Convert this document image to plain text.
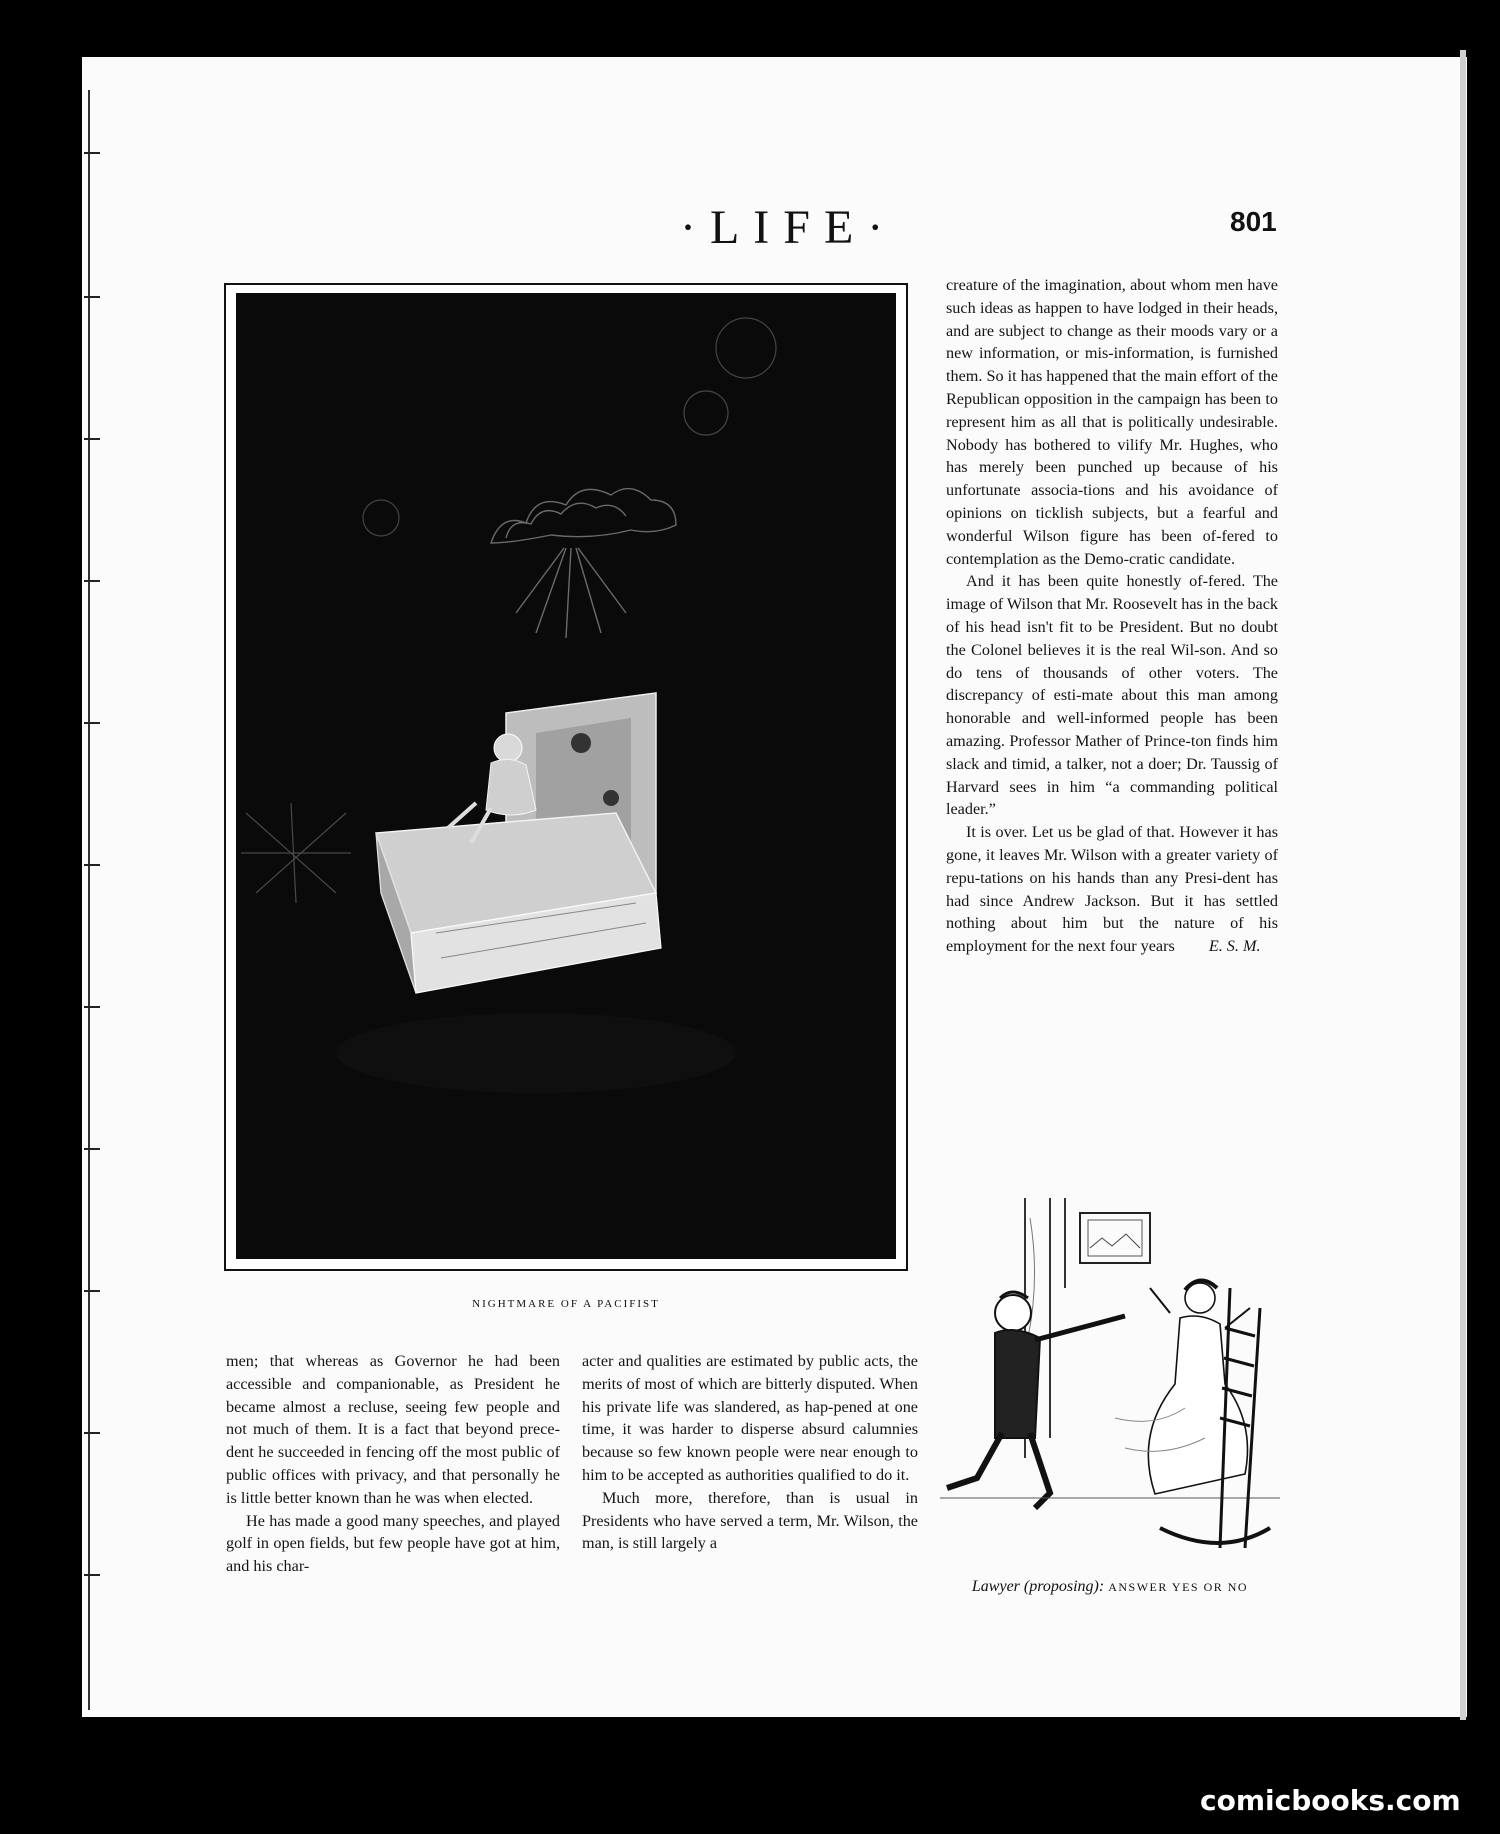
·LIFE·	801
NIGHTMARE OF A PACIFIST

creature of the imagination, about whom men have such ideas as happen to have lodged in their heads, and are subject to change as their moods vary or a new information, or mis-information, is furnished them. So it has happened that the main effort of the Republican opposition in the campaign has been to represent him as all that is politically undesirable. Nobody has bothered to vilify Mr. Hughes, who has merely been punched up because of his unfortunate associa-tions and his avoidance of opinions on ticklish subjects, but a fearful and wonderful Wilson figure has been of-fered to contemplation as the Demo-cratic candidate.

And it has been quite honestly of-fered. The image of Wilson that Mr. Roosevelt has in the back of his head isn't fit to be President. But no doubt the Colonel believes it is the real Wil-son. And so do tens of thousands of other voters. The discrepancy of esti-mate about this man among honorable and well-informed people has been amazing. Professor Mather of Prince-ton finds him slack and timid, a talker, not a doer; Dr. Taussig of Harvard sees in him “a commanding political leader.”

It is over. Let us be glad of that. However it has gone, it leaves Mr. Wilson with a greater variety of repu-tations on his hands than any Presi-dent has had since Andrew Jackson. But it has settled nothing about him but the nature of his employment for the next four years E. S. M.

men; that whereas as Governor he had been accessible and companionable, as President he became almost a recluse, seeing few people and not much of them. It is a fact that beyond prece-dent he succeeded in fencing off the most public of public offices with privacy, and that personally he is little better known than he was when elected.

He has made a good many speeches, and played golf in open fields, but few people have got at him, and his char-

acter and qualities are estimated by public acts, the merits of most of which are bitterly disputed. When his private life was slandered, as hap-pened at one time, it was harder to disperse absurd calumnies because so few known people were near enough to him to be accepted as authorities qualified to do it.

Much more, therefore, than is usual in Presidents who have served a term, Mr. Wilson, the man, is still largely a

Lawyer (proposing): ANSWER YES OR NO
comicbooks.com
